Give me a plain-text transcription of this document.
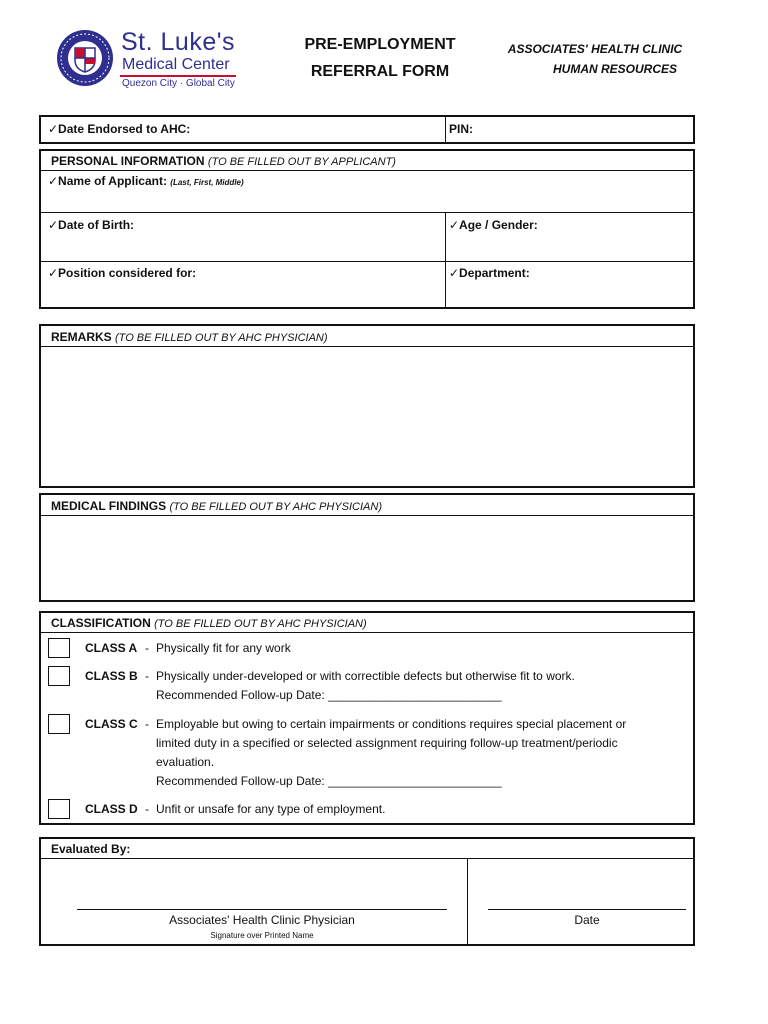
St. Luke's
Medical Center
Quezon City · Global City
PRE-EMPLOYMENT
REFERRAL FORM
ASSOCIATES' HEALTH CLINIC
HUMAN RESOURCES
✓Date Endorsed to AHC:	PIN:
PERSONAL INFORMATION (TO BE FILLED OUT BY APPLICANT)
✓Name of Applicant: (Last, First, Middle)
✓Date of Birth:	✓Age / Gender:
✓Position considered for:	✓Department:
REMARKS (TO BE FILLED OUT BY AHC PHYSICIAN)
MEDICAL FINDINGS (TO BE FILLED OUT BY AHC PHYSICIAN)
CLASSIFICATION (TO BE FILLED OUT BY AHC PHYSICIAN)
CLASS A - Physically fit for any work
CLASS B - Physically under-developed or with correctible defects but otherwise fit to work.
Recommended Follow-up Date: __________________________
CLASS C - Employable but owing to certain impairments or conditions requires special placement or
limited duty in a specified or selected assignment requiring follow-up treatment/periodic
evaluation.
Recommended Follow-up Date: __________________________
CLASS D - Unfit or unsafe for any type of employment.
Evaluated By:
Associates' Health Clinic Physician
Signature over Printed Name
Date
